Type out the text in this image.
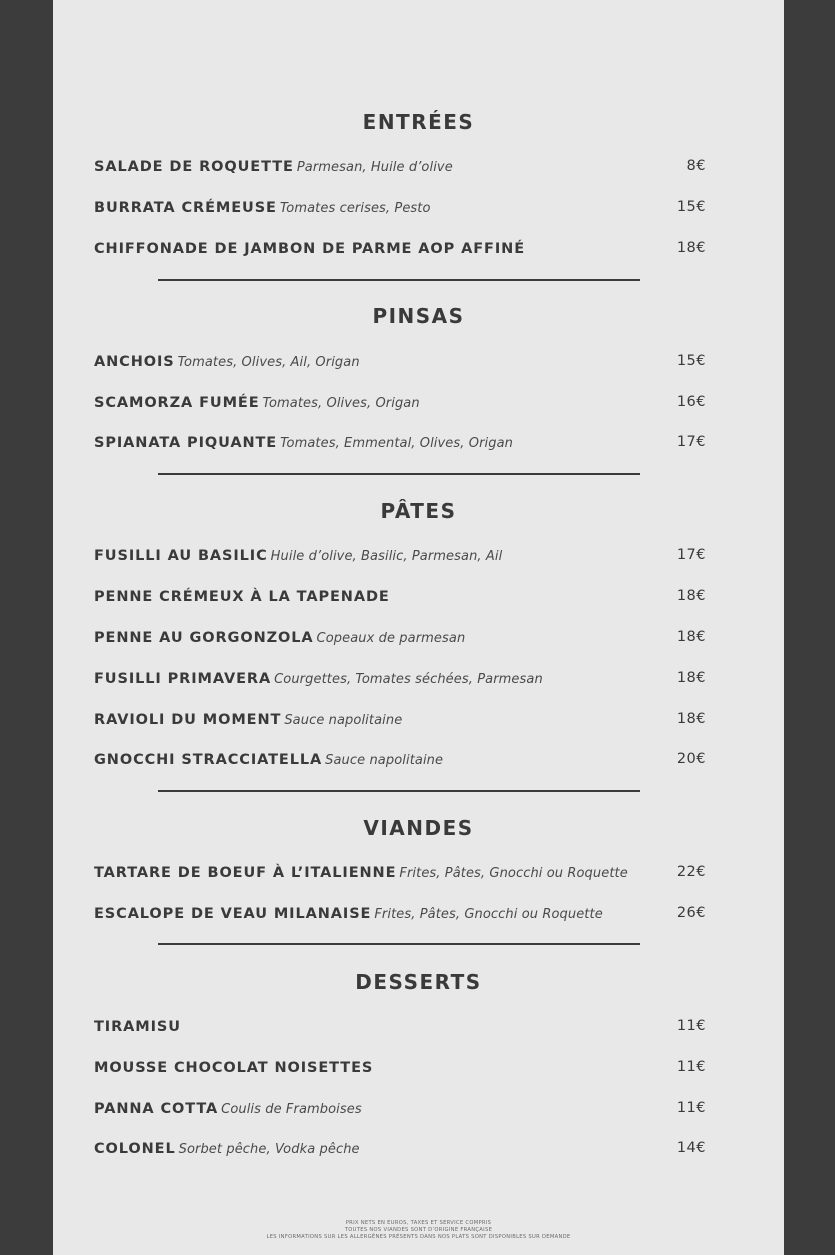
ENTRÉES
SALADE DE ROQUETTE Parmesan, Huile d’olive	8€
BURRATA CRÉMEUSE Tomates cerises, Pesto	15€
CHIFFONADE DE JAMBON DE PARME AOP AFFINÉ	18€
PINSAS
ANCHOIS Tomates, Olives, Ail, Origan	15€
SCAMORZA FUMÉE Tomates, Olives, Origan	16€
SPIANATA PIQUANTE Tomates, Emmental, Olives, Origan	17€
PÂTES
FUSILLI AU BASILIC Huile d’olive, Basilic, Parmesan, Ail	17€
PENNE CRÉMEUX À LA TAPENADE	18€
PENNE AU GORGONZOLA Copeaux de parmesan	18€
FUSILLI PRIMAVERA Courgettes, Tomates séchées, Parmesan	18€
RAVIOLI DU MOMENT Sauce napolitaine	18€
GNOCCHI STRACCIATELLA Sauce napolitaine	20€
VIANDES
TARTARE DE BOEUF À L’ITALIENNE Frites, Pâtes, Gnocchi ou Roquette	22€
ESCALOPE DE VEAU MILANAISE Frites, Pâtes, Gnocchi ou Roquette	26€
DESSERTS
TIRAMISU	11€
MOUSSE CHOCOLAT NOISETTES	11€
PANNA COTTA Coulis de Framboises	11€
COLONEL Sorbet pêche, Vodka pêche	14€
PRIX NETS EN EUROS, TAXES ET SERVICE COMPRIS
TOUTES NOS VIANDES SONT D’ORIGINE FRANÇAISE
LES INFORMATIONS SUR LES ALLERGÈNES PRÉSENTS DANS NOS PLATS SONT DISPONIBLES SUR DEMANDE
